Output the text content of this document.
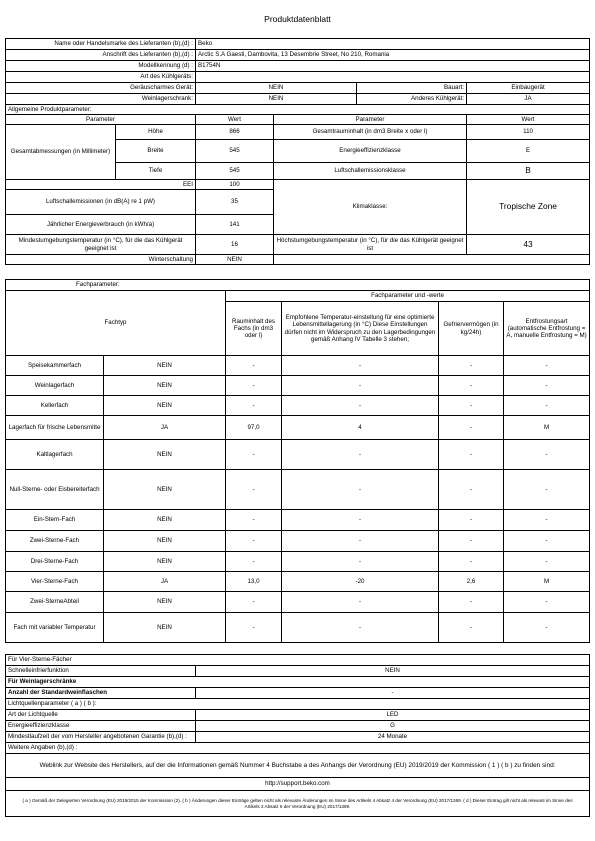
Produktdatenblatt
Name oder Handelsmarke des Lieferanten (b),(d) :	Beko		
Anschrift des Lieferanten (b),(d) :	Arctic S.A Gaesti, Dambovita, 13 Desembrie Street, No 210, Romania		
Modellkennung (d) :	B1754N		
Art des Kühlgeräts:			
Geräuscharmes Gerät:	NEIN	Bauart:	Einbaugerät
Weinlagerschrank:	NEIN	Anderes Kühlgerät:	JA
Allgemeine Produktparameter:				
Parameter		Wert	Parameter	Wert
Gesamtabmessungen (in Millimeter)	Höhe	866	Gesamtrauminhalt (in dm3 Breite x oder l)	110
	Breite	545	Energieeffizienzklasse	E
	Tiefe	545	Luftschallemissionsklasse	B
EEI		100	Klimaklasse:	Tropische Zone
Luftschallemissionen (in dB(A) re 1 pW)		35		
Jährlicher Energieverbrauch (in kWh/a)		141		
Mindestumgebungstemperatur (in °C), für die das Kühlgerät geeignet ist		16	Höchstumgebungstemperatur (in °C), für die das Kühlgerät geeignet ist	43
Winterschaltung		NEIN		
Fachparameter:					
Fachtyp		Fachparameter und -werte			
		Rauminhalt des Fachs (in dm3 oder l)	Empfohlene Temperatur-einstellung für eine optimierte Lebensmittellagerung (in °C) Diese Einstellungen dürfen nicht im Widerspruch zu den Lagerbedingungen gemäß Anhang IV Tabelle 3 stehen;	Gefriervermögen (in kg/24h)	Entfrostungsart (automatische Entfrostung = A, manuelle Entfrostung = M)
Speisekammerfach	NEIN	-	-	-	-
Weinlagerfach	NEIN	-	-	-	-
Kellerfach	NEIN	-	-	-	-
Lagerfach für frische Lebensmitte	JA	97,0	4	-	M
Kaltlagerfach	NEIN	-	-	-	-
Null-Sterne- oder Eisbereiterfach	NEIN	-	-	-	-
Ein-Stern-Fach	NEIN	-	-	-	-
Zwei-Sterne-Fach	NEIN	-	-	-	-
Drei-Sterne-Fach	NEIN	-	-	-	-
Vier-Sterne-Fach	JA	13,0	-20	2,6	M
Zwei-SterneAbteil	NEIN	-	-	-	-
Fach mit variabler Temperatur	NEIN	-	-	-	-
Für Vier-Sterne-Fächer	
Schnelleinfrierfunktion	NEIN
Für Weinlagerschränke	
Anzahl der Standardweinflaschen	-
Lichtquellenparameter ( a ) ( b ):	
Art der Lichtquelle	LED
Energieeffizienzklasse	G
Mindestlaufzeit der vom Hersteller angebotenen Garantie (b),(d) :	24 Monate
Weitere Angaben (b),(d) :	
Weblink zur Website des Herstellers, auf der die Informationen gemäß Nummer 4 Buchstabe a des Anhangs der Verordnung (EU) 2019/2019 der Kommission ( 1 ) ( b ) zu finden sind:	
http://support.beko.com	
( a ) Gemäß der Delegierten Verordnung (EU) 2019/2015 der Kommission (2). ( b ) Änderungen dieser Einträge gelten nicht als relevante Änderungen im Sinne des Artikels 4 Absatz 4 der Verordnung (EU) 2017/1369. ( d ) Dieser Eintrag gilt nicht als relevant im Sinne des Artikels 2 Absatz 6 der Verordnung (EU) 2017/1369.	
